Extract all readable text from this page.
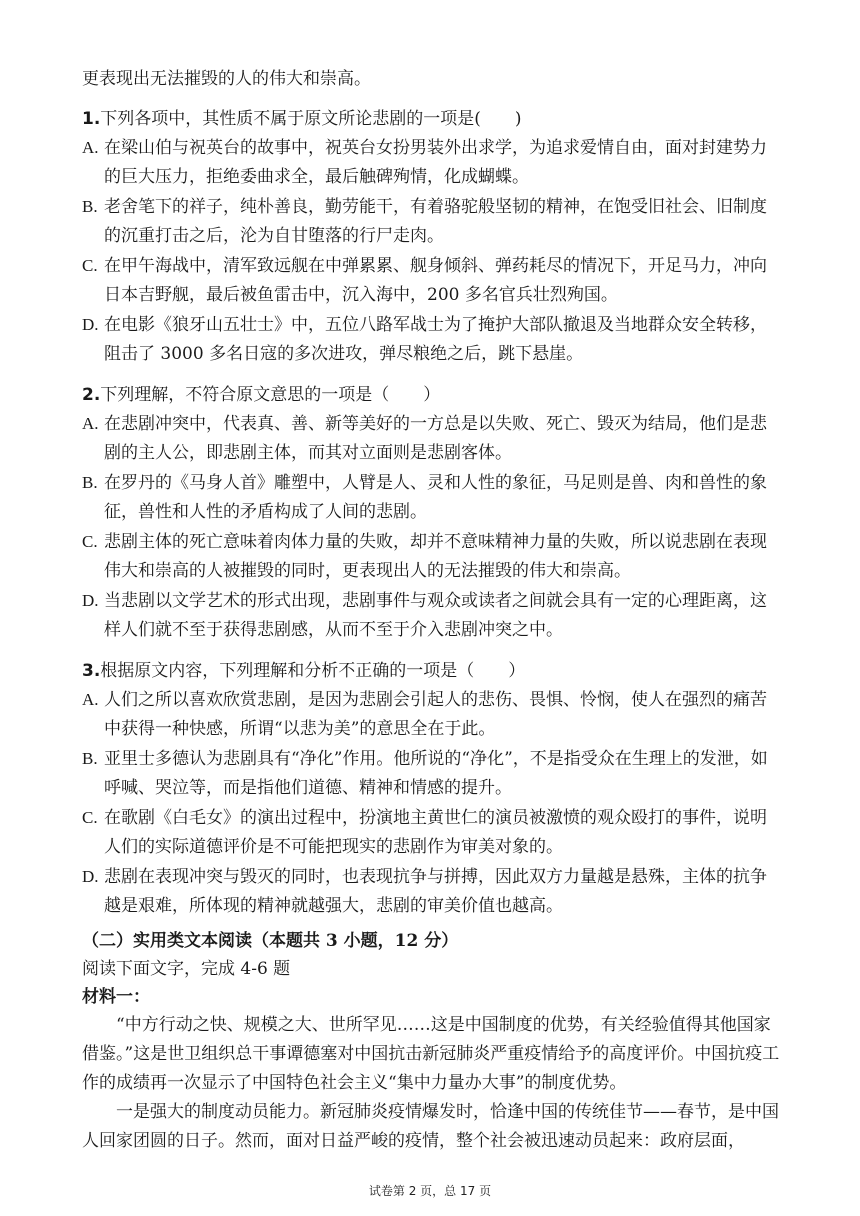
更表现出无法摧毁的人的伟大和崇高。

1.下列各项中，其性质不属于原文所论悲剧的一项是(　　)

A. 在梁山伯与祝英台的故事中，祝英台女扮男装外出求学，为追求爱情自由，面对封建势力的巨大压力，拒绝委曲求全，最后触碑殉情，化成蝴蝶。

B. 老舍笔下的祥子，纯朴善良，勤劳能干，有着骆驼般坚韧的精神，在饱受旧社会、旧制度的沉重打击之后，沦为自甘堕落的行尸走肉。

C. 在甲午海战中，清军致远舰在中弹累累、舰身倾斜、弹药耗尽的情况下，开足马力，冲向日本吉野舰，最后被鱼雷击中，沉入海中，200 多名官兵壮烈殉国。

D. 在电影《狼牙山五壮士》中，五位八路军战士为了掩护大部队撤退及当地群众安全转移，阻击了 3000 多名日寇的多次进攻，弹尽粮绝之后，跳下悬崖。

2.下列理解，不符合原文意思的一项是（　　）

A. 在悲剧冲突中，代表真、善、新等美好的一方总是以失败、死亡、毁灭为结局，他们是悲剧的主人公，即悲剧主体，而其对立面则是悲剧客体。

B. 在罗丹的《马身人首》雕塑中，人臂是人、灵和人性的象征，马足则是兽、肉和兽性的象征，兽性和人性的矛盾构成了人间的悲剧。

C. 悲剧主体的死亡意味着肉体力量的失败，却并不意味精神力量的失败，所以说悲剧在表现伟大和崇高的人被摧毁的同时，更表现出人的无法摧毁的伟大和崇高。

D. 当悲剧以文学艺术的形式出现，悲剧事件与观众或读者之间就会具有一定的心理距离，这样人们就不至于获得悲剧感，从而不至于介入悲剧冲突之中。

3.根据原文内容，下列理解和分析不正确的一项是（　　）

A. 人们之所以喜欢欣赏悲剧，是因为悲剧会引起人的悲伤、畏惧、怜悯，使人在强烈的痛苦中获得一种快感，所谓“以悲为美”的意思全在于此。

B. 亚里士多德认为悲剧具有“净化”作用。他所说的“净化”，不是指受众在生理上的发泄，如呼喊、哭泣等，而是指他们道德、精神和情感的提升。

C. 在歌剧《白毛女》的演出过程中，扮演地主黄世仁的演员被激愤的观众殴打的事件，说明人们的实际道德评价是不可能把现实的悲剧作为审美对象的。

D. 悲剧在表现冲突与毁灭的同时，也表现抗争与拼搏，因此双方力量越是悬殊，主体的抗争越是艰难，所体现的精神就越强大，悲剧的审美价值也越高。

（二）实用类文本阅读（本题共 3 小题，12 分）

阅读下面文字，完成 4-6 题

材料一：

“中方行动之快、规模之大、世所罕见……这是中国制度的优势，有关经验值得其他国家借鉴。”这是世卫组织总干事谭德塞对中国抗击新冠肺炎严重疫情给予的高度评价。中国抗疫工作的成绩再一次显示了中国特色社会主义“集中力量办大事”的制度优势。

一是强大的制度动员能力。新冠肺炎疫情爆发时，恰逢中国的传统佳节——春节，是中国人回家团圆的日子。然而，面对日益严峻的疫情，整个社会被迅速动员起来：政府层面，

试卷第 2 页，总 17 页
